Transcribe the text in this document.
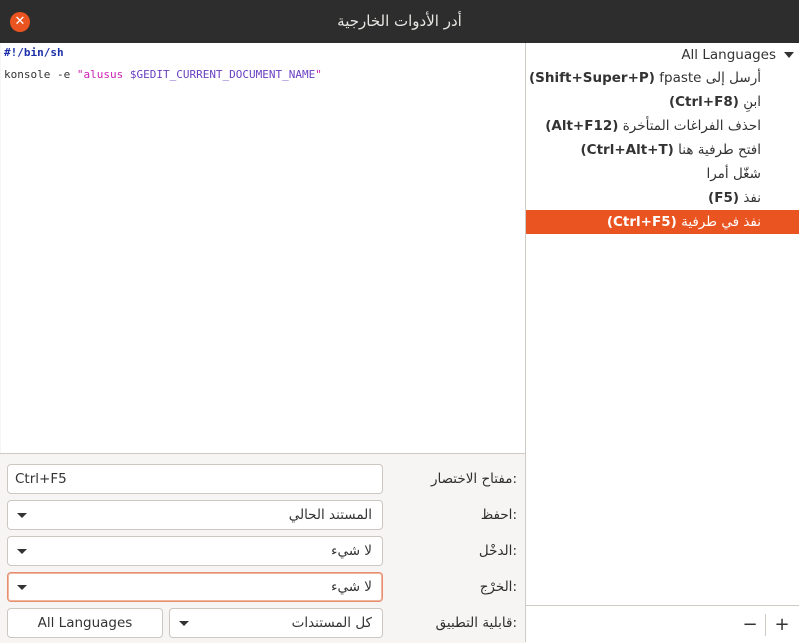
✕	أدر الأدوات الخارجية
#!/bin/sh
konsole -e "alusus $GEDIT_CURRENT_DOCUMENT_NAME"
مفتاح الاختصار:
Ctrl+F5
احفظ:
المستند الحالي
الدخْل:
لا شيء
الخرْج:
لا شيء
قابلية التطبيق:
كل المستندات
All Languages
All Languages
أرسل إلى fpaste (Shift+Super+P)
ابنِ (Ctrl+F8)
احذف الفراغات المتأخرة (Alt+F12)
افتح طرفية هنا (Ctrl+Alt+T)
شغّل أمرا
نفذ (F5)
نفذ في طرفية (Ctrl+F5)
− +
